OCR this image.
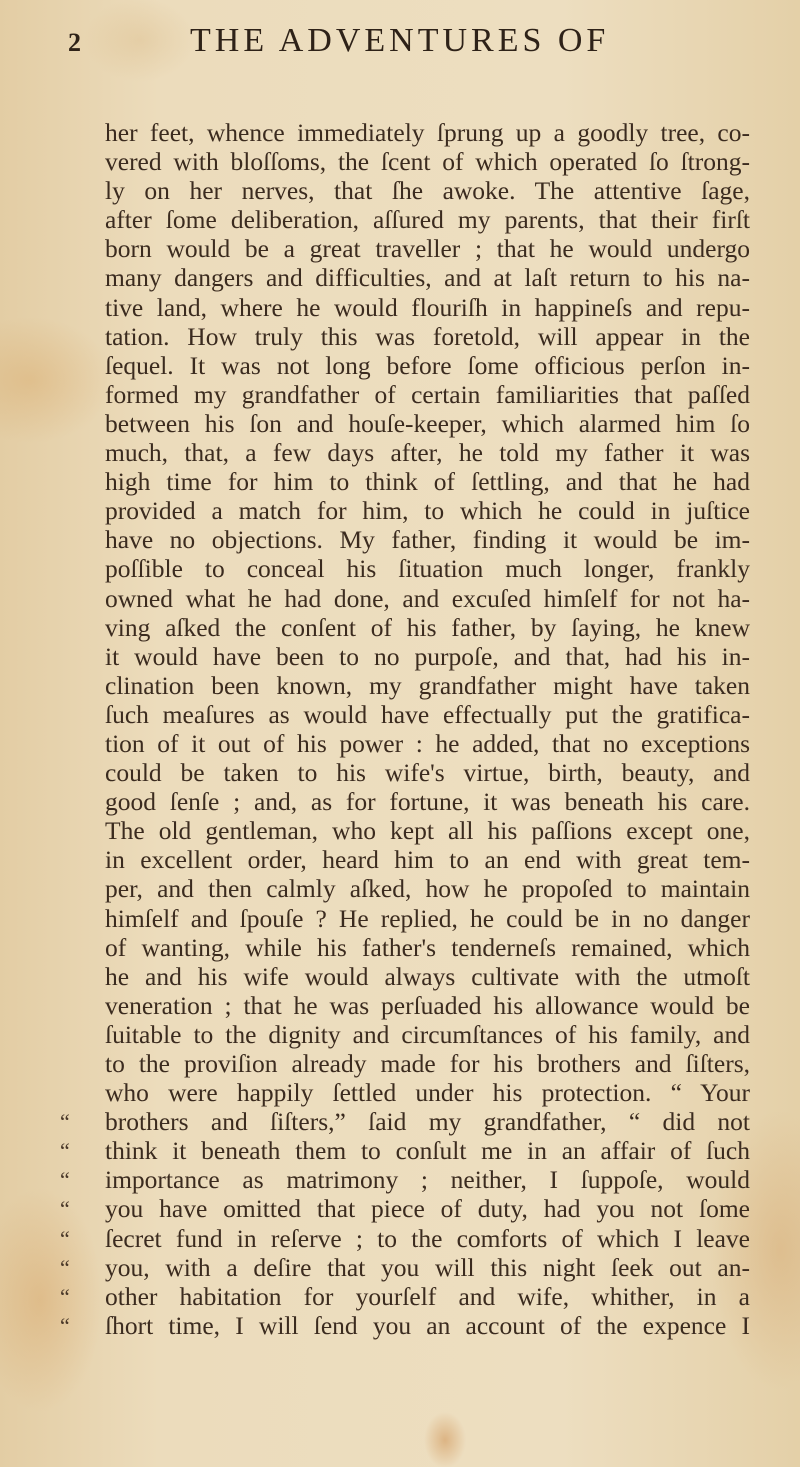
2	THE ADVENTURES OF
her feet, whence immediately ſprung up a goodly tree, co-
vered with bloſſoms, the ſcent of which operated ſo ſtrong-
ly on her nerves, that ſhe awoke. The attentive ſage,
after ſome deliberation, aſſured my parents, that their firſt
born would be a great traveller ; that he would undergo
many dangers and difficulties, and at laſt return to his na-
tive land, where he would flouriſh in happineſs and repu-
tation. How truly this was foretold, will appear in the
ſequel. It was not long before ſome officious perſon in-
formed my grandfather of certain familiarities that paſſed
between his ſon and houſe-keeper, which alarmed him ſo
much, that, a few days after, he told my father it was
high time for him to think of ſettling, and that he had
provided a match for him, to which he could in juſtice
have no objections. My father, finding it would be im-
poſſible to conceal his ſituation much longer, frankly
owned what he had done, and excuſed himſelf for not ha-
ving aſked the conſent of his father, by ſaying, he knew
it would have been to no purpoſe, and that, had his in-
clination been known, my grandfather might have taken
ſuch meaſures as would have effectually put the gratifica-
tion of it out of his power : he added, that no exceptions
could be taken to his wife's virtue, birth, beauty, and
good ſenſe ; and, as for fortune, it was beneath his care.
The old gentleman, who kept all his paſſions except one,
in excellent order, heard him to an end with great tem-
per, and then calmly aſked, how he propoſed to maintain
himſelf and ſpouſe ? He replied, he could be in no danger
of wanting, while his father's tenderneſs remained, which
he and his wife would always cultivate with the utmoſt
veneration ; that he was perſuaded his allowance would be
ſuitable to the dignity and circumſtances of his family, and
to the proviſion already made for his brothers and ſiſters,
who were happily ſettled under his protection. “ Your
“ brothers and ſiſters,” ſaid my grandfather, “ did not
“ think it beneath them to conſult me in an affair of ſuch
“ importance as matrimony ; neither, I ſuppoſe, would
“ you have omitted that piece of duty, had you not ſome
“ ſecret fund in reſerve ; to the comforts of which I leave
“ you, with a deſire that you will this night ſeek out an-
“ other habitation for yourſelf and wife, whither, in a
“ ſhort time, I will ſend you an account of the expence I
